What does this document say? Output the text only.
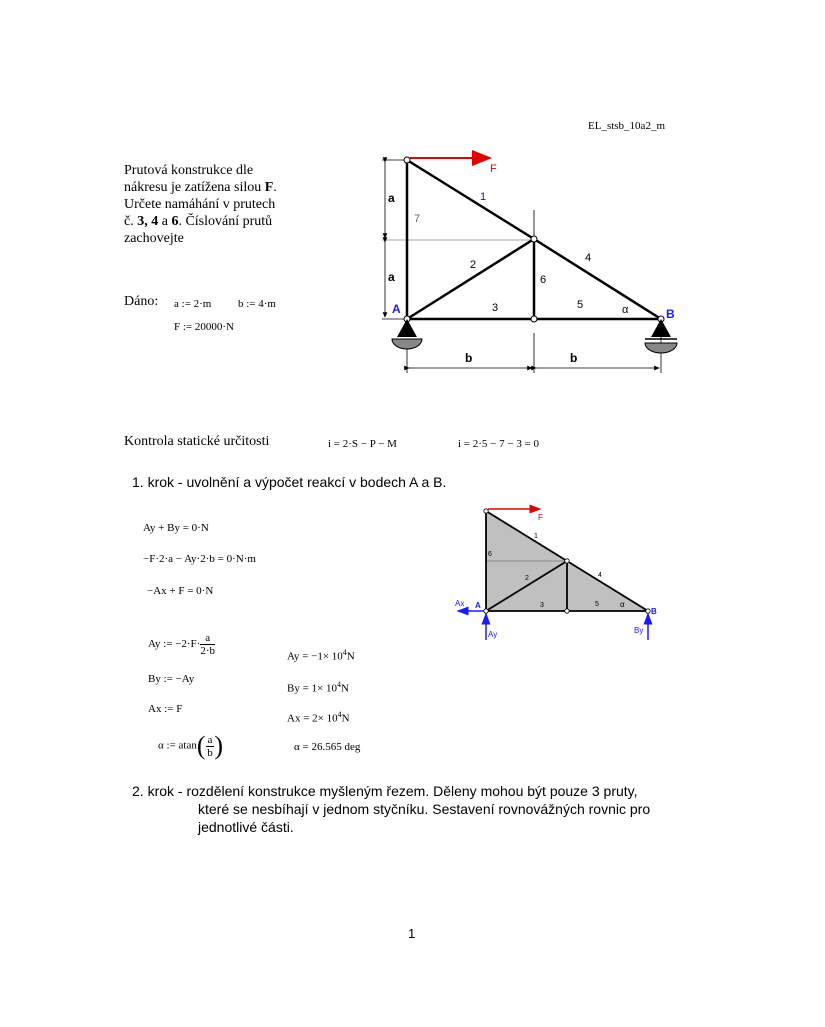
EL_stsb_10a2_m
Prutová konstrukce dle
nákresu je zatížena silou F.
Určete namáhání v prutech
č. 3, 4 a 6. Číslování prutů
zachovejte
Dáno: a := 2·m b := 4·m
F := 20000·N
F
a
a
A	B
b	b
α
1
2
3
4
5
6
7
Kontrola statické určitosti	i = 2·S − P − M	i = 2·5 − 7 − 3 = 0
1. krok - uvolnění a výpočet reakcí v bodech A a B.
Ay + By = 0·N
−F·2·a − Ay·2·b = 0·N·m
−Ax + F = 0·N
Ay := $-2\cdot F\cdot \frac{a}{2\cdot b}$
By := −Ay
Ax := F
α := $atan( \frac{a}{b}$ )
$Ay = -1\times 10^4N$
$By = 1\times 10^4N$
$Ax = 2\times 10^4N$
α = 26.565 deg
F
Ax
Ay	By
A
B
α
1
2
3
4
5
6
2. krok - rozdělení konstrukce myšleným řezem. Děleny mohou být pouze 3 pruty,
které se nesbíhají v jednom styčníku. Sestavení rovnovážných rovnic pro
jednotlivé části.
1
